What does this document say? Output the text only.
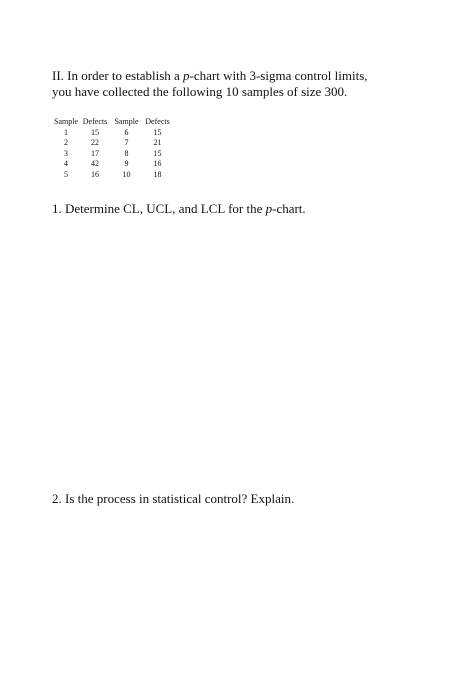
II. In order to establish a p-chart with 3-sigma control limits,
you have collected the following 10 samples of size 300.
Sample	Defects	Sample	Defects
1	15	6	15
2	22	7	21
3	17	8	15
4	42	9	16
5	16	10	18

1. Determine CL, UCL, and LCL for the p-chart.

2. Is the process in statistical control? Explain.
